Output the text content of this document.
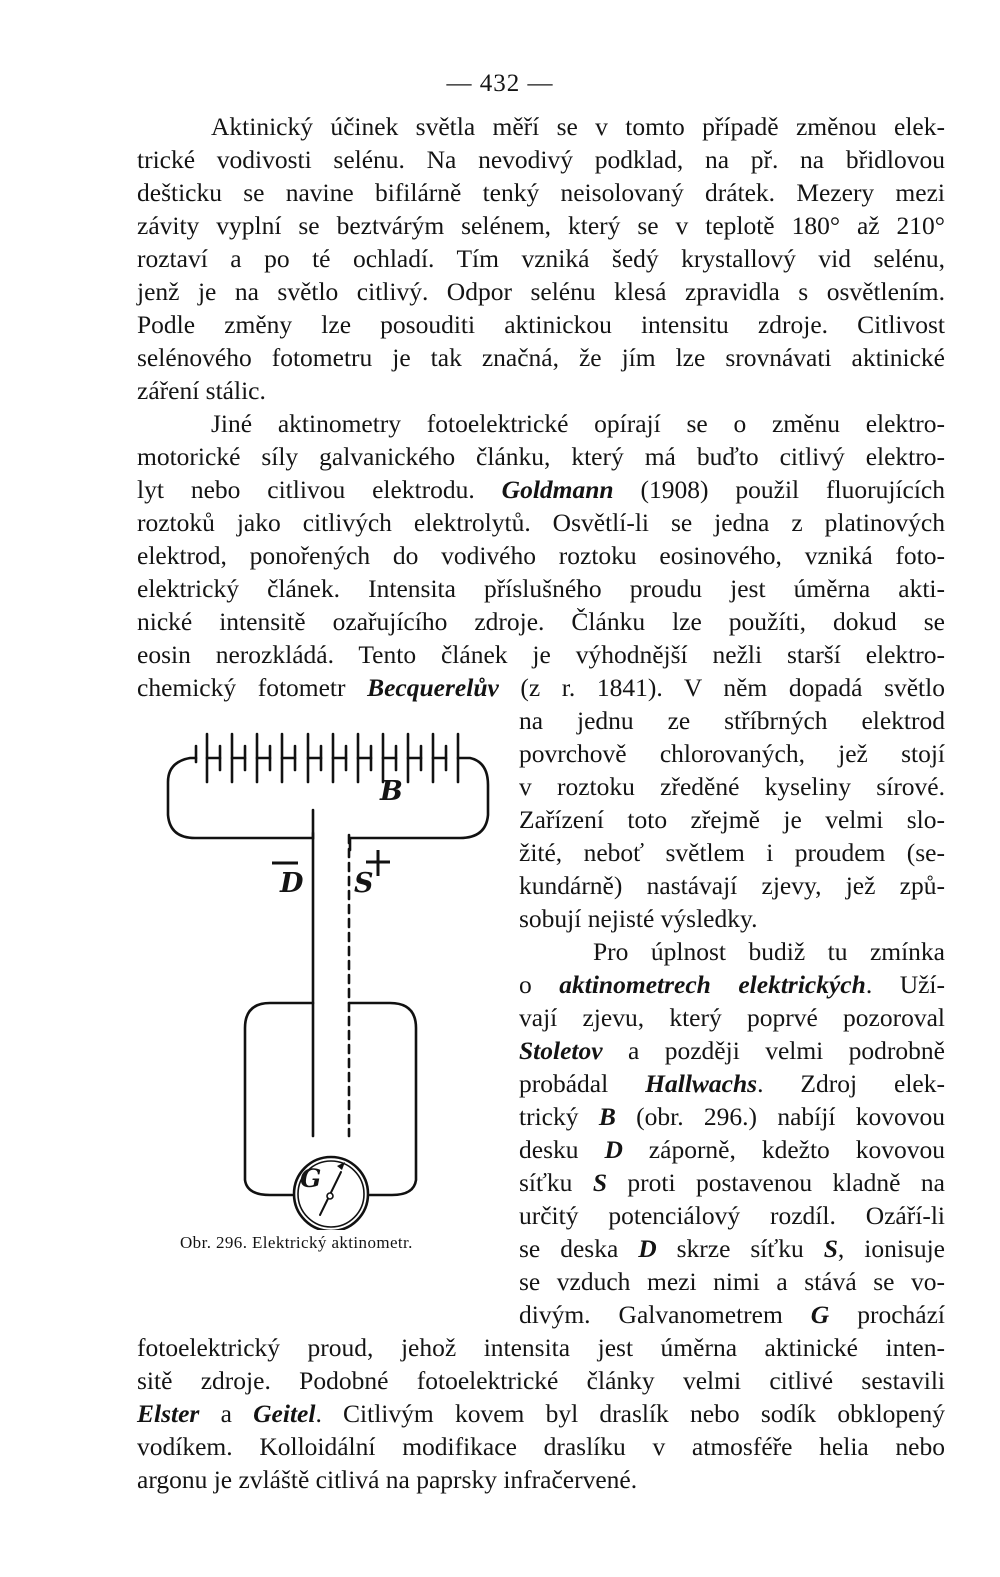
— 432 —
Aktinický účinek světla měří se v tomto případě změnou elek-
trické vodivosti selénu. Na nevodivý podklad, na př. na břidlovou
dešticku se navine bifilárně tenký neisolovaný drátek. Mezery mezi
závity vyplní se beztvárým selénem, který se v teplotě 180° až 210°
roztaví a po té ochladí. Tím vzniká šedý krystallový vid selénu,
jenž je na světlo citlivý. Odpor selénu klesá zpravidla s osvětlením.
Podle změny lze posouditi aktinickou intensitu zdroje. Citlivost
selénového fotometru je tak značná, že jím lze srovnávati aktinické
záření stálic.
Jiné aktinometry fotoelektrické opírají se o změnu elektro-
motorické síly galvanického článku, který má buďto citlivý elektro-
lyt nebo citlivou elektrodu. Goldmann (1908) použil fluorujících
roztoků jako citlivých elektrolytů. Osvětlí-li se jedna z platinových
elektrod, ponořených do vodivého roztoku eosinového, vzniká foto-
elektrický článek. Intensita příslušného proudu jest úměrna akti-
nické intensitě ozařujícího zdroje. Článku lze použíti, dokud se
eosin nerozkládá. Tento článek je výhodnější nežli starší elektro-
chemický fotometr Becquerelův (z r. 1841). V něm dopadá světlo
na jednu ze stříbrných elektrod
povrchově chlorovaných, jež stojí
v roztoku zředěné kyseliny sírové.
Zařízení toto zřejmě je velmi slo-
žité, neboť světlem i proudem (se-
kundárně) nastávají zjevy, jež způ-
sobují nejisté výsledky.
Pro úplnost budiž tu zmínka
o aktinometrech elektrických. Uží-
vají zjevu, který poprvé pozoroval
Stoletov a později velmi podrobně
probádal Hallwachs. Zdroj elek-
trický B (obr. 296.) nabíjí kovovou
desku D záporně, kdežto kovovou
síťku S proti postavenou kladně na
určitý potenciálový rozdíl. Ozáří-li
se deska D skrze síťku S, ionisuje
se vzduch mezi nimi a stává se vo-
divým. Galvanometrem G prochází
fotoelektrický proud, jehož intensita jest úměrna aktinické inten-
sitě zdroje. Podobné fotoelektrické články velmi citlivé sestavili
Elster a Geitel. Citlivým kovem byl draslík nebo sodík obklopený
vodíkem. Kolloidální modifikace draslíku v atmosféře helia nebo
argonu je zvláště citlivá na paprsky infračervené.
B
D S
G
Obr. 296. Elektrický aktinometr.
